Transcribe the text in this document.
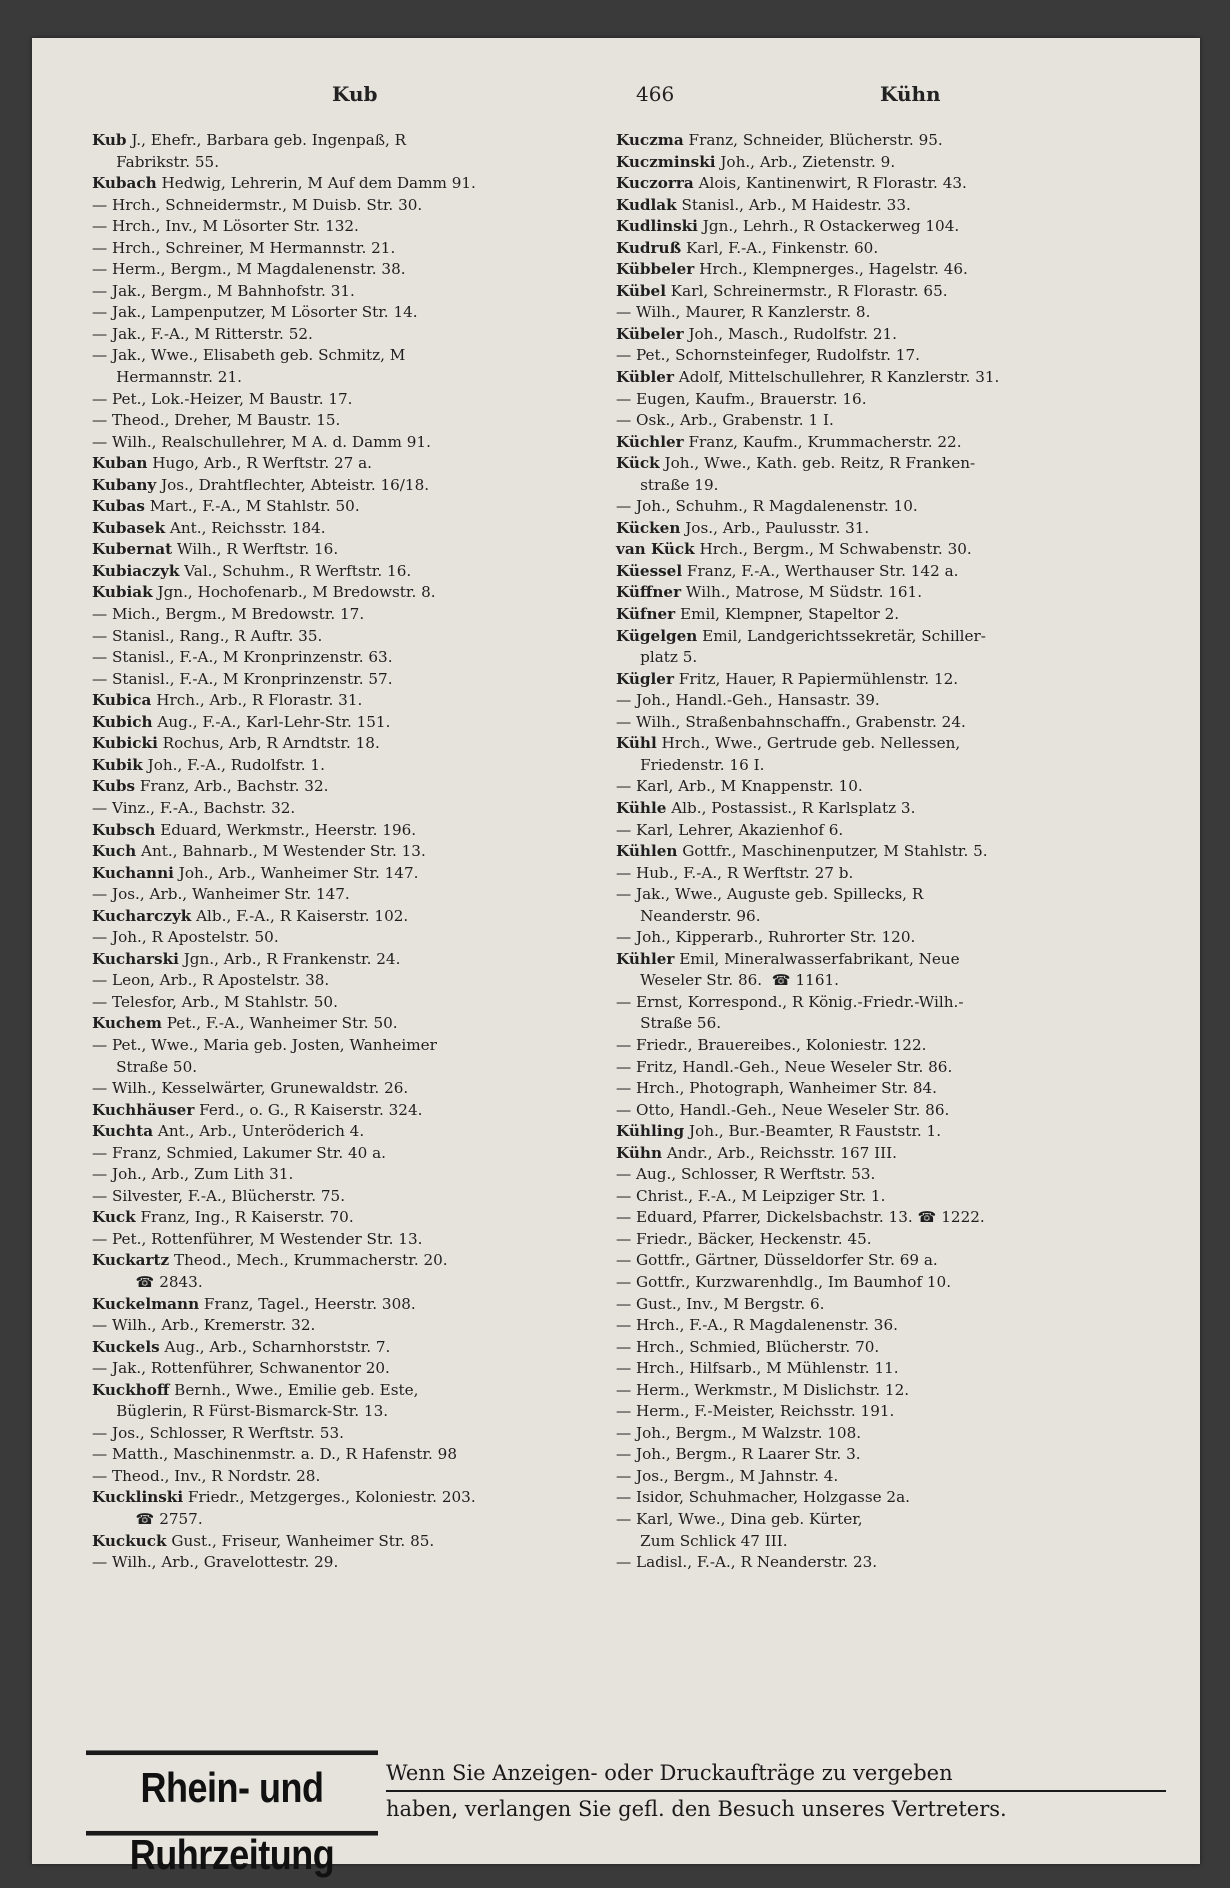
Kub	466	Kühn
Kub J., Ehefr., Barbara geb. Ingenpaß, R
Fabrikstr. 55.
Kubach Hedwig, Lehrerin, M Auf dem Damm 91.
— Hrch., Schneidermstr., M Duisb. Str. 30.
— Hrch., Inv., M Lösorter Str. 132.
— Hrch., Schreiner, M Hermannstr. 21.
— Herm., Bergm., M Magdalenenstr. 38.
— Jak., Bergm., M Bahnhofstr. 31.
— Jak., Lampenputzer, M Lösorter Str. 14.
— Jak., F.-A., M Ritterstr. 52.
— Jak., Wwe., Elisabeth geb. Schmitz, M
Hermannstr. 21.
— Pet., Lok.-Heizer, M Baustr. 17.
— Theod., Dreher, M Baustr. 15.
— Wilh., Realschullehrer, M A. d. Damm 91.
Kuban Hugo, Arb., R Werftstr. 27 a.
Kubany Jos., Drahtflechter, Abteistr. 16/18.
Kubas Mart., F.-A., M Stahlstr. 50.
Kubasek Ant., Reichsstr. 184.
Kubernat Wilh., R Werftstr. 16.
Kubiaczyk Val., Schuhm., R Werftstr. 16.
Kubiak Jgn., Hochofenarb., M Bredowstr. 8.
— Mich., Bergm., M Bredowstr. 17.
— Stanisl., Rang., R Auftr. 35.
— Stanisl., F.-A., M Kronprinzenstr. 63.
— Stanisl., F.-A., M Kronprinzenstr. 57.
Kubica Hrch., Arb., R Florastr. 31.
Kubich Aug., F.-A., Karl-Lehr-Str. 151.
Kubicki Rochus, Arb, R Arndtstr. 18.
Kubik Joh., F.-A., Rudolfstr. 1.
Kubs Franz, Arb., Bachstr. 32.
— Vinz., F.-A., Bachstr. 32.
Kubsch Eduard, Werkmstr., Heerstr. 196.
Kuch Ant., Bahnarb., M Westender Str. 13.
Kuchanni Joh., Arb., Wanheimer Str. 147.
— Jos., Arb., Wanheimer Str. 147.
Kucharczyk Alb., F.-A., R Kaiserstr. 102.
— Joh., R Apostelstr. 50.
Kucharski Jgn., Arb., R Frankenstr. 24.
— Leon, Arb., R Apostelstr. 38.
— Telesfor, Arb., M Stahlstr. 50.
Kuchem Pet., F.-A., Wanheimer Str. 50.
— Pet., Wwe., Maria geb. Josten, Wanheimer
Straße 50.
— Wilh., Kesselwärter, Grunewaldstr. 26.
Kuchhäuser Ferd., o. G., R Kaiserstr. 324.
Kuchta Ant., Arb., Unteröderich 4.
— Franz, Schmied, Lakumer Str. 40 a.
— Joh., Arb., Zum Lith 31.
— Silvester, F.-A., Blücherstr. 75.
Kuck Franz, Ing., R Kaiserstr. 70.
— Pet., Rottenführer, M Westender Str. 13.
Kuckartz Theod., Mech., Krummacherstr. 20.
☎ 2843.
Kuckelmann Franz, Tagel., Heerstr. 308.
— Wilh., Arb., Kremerstr. 32.
Kuckels Aug., Arb., Scharnhorststr. 7.
— Jak., Rottenführer, Schwanentor 20.
Kuckhoff Bernh., Wwe., Emilie geb. Este,
Büglerin, R Fürst-Bismarck-Str. 13.
— Jos., Schlosser, R Werftstr. 53.
— Matth., Maschinenmstr. a. D., R Hafenstr. 98
— Theod., Inv., R Nordstr. 28.
Kucklinski Friedr., Metzgerges., Koloniestr. 203.
☎ 2757.
Kuckuck Gust., Friseur, Wanheimer Str. 85.
— Wilh., Arb., Gravelottestr. 29.
Kuczma Franz, Schneider, Blücherstr. 95.
Kuczminski Joh., Arb., Zietenstr. 9.
Kuczorra Alois, Kantinenwirt, R Florastr. 43.
Kudlak Stanisl., Arb., M Haidestr. 33.
Kudlinski Jgn., Lehrh., R Ostackerweg 104.
Kudruß Karl, F.-A., Finkenstr. 60.
Kübbeler Hrch., Klempnerges., Hagelstr. 46.
Kübel Karl, Schreinermstr., R Florastr. 65.
— Wilh., Maurer, R Kanzlerstr. 8.
Kübeler Joh., Masch., Rudolfstr. 21.
— Pet., Schornsteinfeger, Rudolfstr. 17.
Kübler Adolf, Mittelschullehrer, R Kanzlerstr. 31.
— Eugen, Kaufm., Brauerstr. 16.
— Osk., Arb., Grabenstr. 1 I.
Küchler Franz, Kaufm., Krummacherstr. 22.
Kück Joh., Wwe., Kath. geb. Reitz, R Franken-
straße 19.
— Joh., Schuhm., R Magdalenenstr. 10.
Kücken Jos., Arb., Paulusstr. 31.
van Kück Hrch., Bergm., M Schwabenstr. 30.
Küessel Franz, F.-A., Werthauser Str. 142 a.
Küffner Wilh., Matrose, M Südstr. 161.
Küfner Emil, Klempner, Stapeltor 2.
Kügelgen Emil, Landgerichtssekretär, Schiller-
platz 5.
Kügler Fritz, Hauer, R Papiermühlenstr. 12.
— Joh., Handl.-Geh., Hansastr. 39.
— Wilh., Straßenbahnschaffn., Grabenstr. 24.
Kühl Hrch., Wwe., Gertrude geb. Nellessen,
Friedenstr. 16 I.
— Karl, Arb., M Knappenstr. 10.
Kühle Alb., Postassist., R Karlsplatz 3.
— Karl, Lehrer, Akazienhof 6.
Kühlen Gottfr., Maschinenputzer, M Stahlstr. 5.
— Hub., F.-A., R Werftstr. 27 b.
— Jak., Wwe., Auguste geb. Spillecks, R
Neanderstr. 96.
— Joh., Kipperarb., Ruhrorter Str. 120.
Kühler Emil, Mineralwasserfabrikant, Neue
Weseler Str. 86.  ☎ 1161.
— Ernst, Korrespond., R König.-Friedr.-Wilh.-
Straße 56.
— Friedr., Brauereibes., Koloniestr. 122.
— Fritz, Handl.-Geh., Neue Weseler Str. 86.
— Hrch., Photograph, Wanheimer Str. 84.
— Otto, Handl.-Geh., Neue Weseler Str. 86.
Kühling Joh., Bur.-Beamter, R Fauststr. 1.
Kühn Andr., Arb., Reichsstr. 167 III.
— Aug., Schlosser, R Werftstr. 53.
— Christ., F.-A., M Leipziger Str. 1.
— Eduard, Pfarrer, Dickelsbachstr. 13. ☎ 1222.
— Friedr., Bäcker, Heckenstr. 45.
— Gottfr., Gärtner, Düsseldorfer Str. 69 a.
— Gottfr., Kurzwarenhdlg., Im Baumhof 10.
— Gust., Inv., M Bergstr. 6.
— Hrch., F.-A., R Magdalenenstr. 36.
— Hrch., Schmied, Blücherstr. 70.
— Hrch., Hilfsarb., M Mühlenstr. 11.
— Herm., Werkmstr., M Dislichstr. 12.
— Herm., F.-Meister, Reichsstr. 191.
— Joh., Bergm., M Walzstr. 108.
— Joh., Bergm., R Laarer Str. 3.
— Jos., Bergm., M Jahnstr. 4.
— Isidor, Schuhmacher, Holzgasse 2a.
— Karl, Wwe., Dina geb. Kürter,
Zum Schlick 47 III.
— Ladisl., F.-A., R Neanderstr. 23.
Rhein- und Ruhrzeitung
Wenn Sie Anzeigen- oder Druckaufträge zu vergeben
haben, verlangen Sie gefl. den Besuch unseres Vertreters.
